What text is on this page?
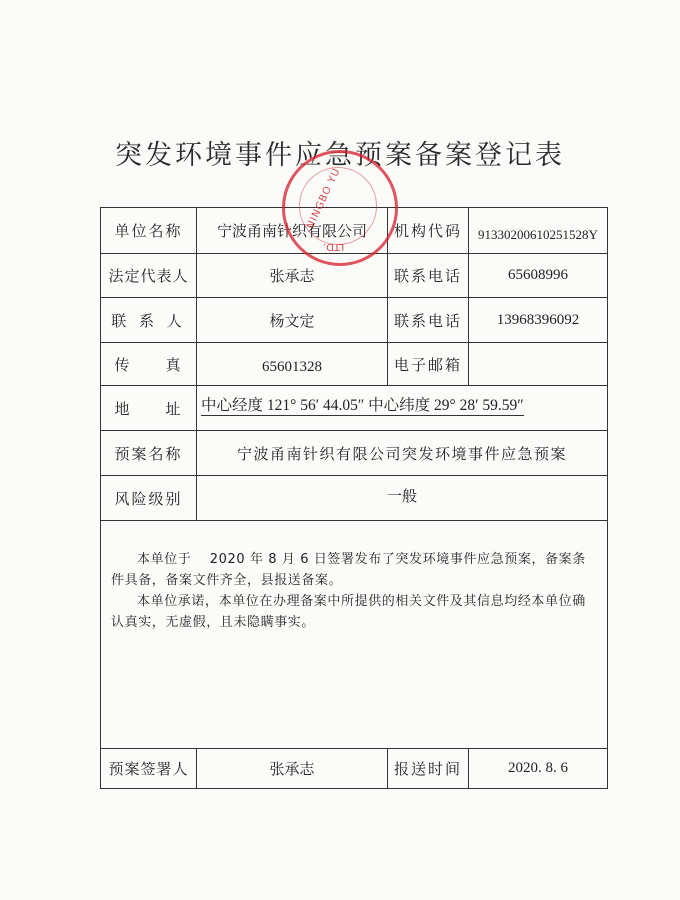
突发环境事件应急预案备案登记表
单位名称	宁波甬南针织有限公司	机构代码	91330200610251528Y
法定代表人	张承志	联系电话	65608996
联 系 人	杨文定	联系电话	13968396092
传　　真	65601328	电子邮箱	
地　　址	中心经度 121° 56′ 44.05″ 中心纬度 29° 28′ 59.59″		
预案名称	宁波甬南针织有限公司突发环境事件应急预案		
风险级别	一般		

本单位于　 2020 年 8 月 6 日签署发布了突发环境事件应急预案，备案条件具备，备案文件齐全，县报送备案。

本单位承诺，本单位在办理备案中所提供的相关文件及其信息均经本单位确认真实，无虚假，且未隐瞒事实。			

预案签署人	张承志	报送时间	2020. 8. 6
NINGBO YU
LTD.
